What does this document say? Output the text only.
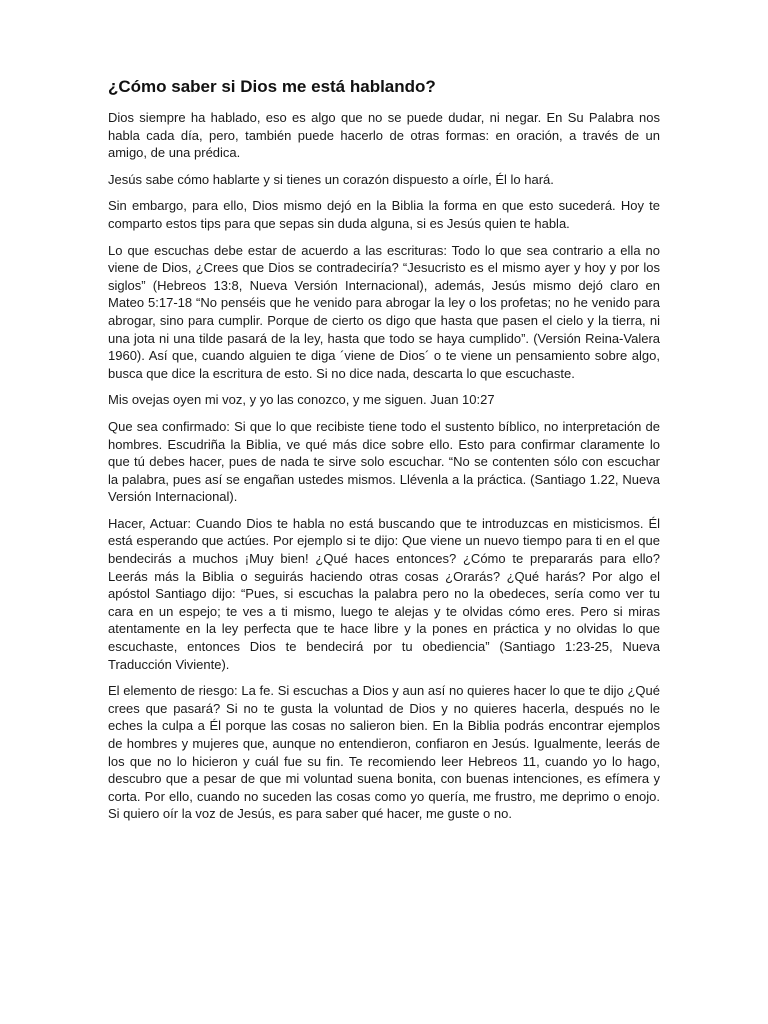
¿Cómo saber si Dios me está hablando?

Dios siempre ha hablado, eso es algo que no se puede dudar, ni negar. En Su Palabra nos habla cada día, pero, también puede hacerlo de otras formas: en oración, a través de un amigo, de una prédica.

Jesús sabe cómo hablarte y si tienes un corazón dispuesto a oírle, Él lo hará.

Sin embargo, para ello, Dios mismo dejó en la Biblia la forma en que esto sucederá. Hoy te comparto estos tips para que sepas sin duda alguna, si es Jesús quien te habla.

Lo que escuchas debe estar de acuerdo a las escrituras: Todo lo que sea contrario a ella no viene de Dios, ¿Crees que Dios se contradeciría? “Jesucristo es el mismo ayer y hoy y por los siglos” (Hebreos 13:8, Nueva Versión Internacional), además, Jesús mismo dejó claro en Mateo 5:17-18 “No penséis que he venido para abrogar la ley o los profetas; no he venido para abrogar, sino para cumplir. Porque de cierto os digo que hasta que pasen el cielo y la tierra, ni una jota ni una tilde pasará de la ley, hasta que todo se haya cumplido”. (Versión Reina-Valera 1960). Así que, cuando alguien te diga ´viene de Dios´ o te viene un pensamiento sobre algo, busca que dice la escritura de esto. Si no dice nada, descarta lo que escuchaste.

Mis ovejas oyen mi voz, y yo las conozco, y me siguen. Juan 10:27

Que sea confirmado: Si que lo que recibiste tiene todo el sustento bíblico, no interpretación de hombres. Escudriña la Biblia, ve qué más dice sobre ello. Esto para confirmar claramente lo que tú debes hacer, pues de nada te sirve solo escuchar. “No se contenten sólo con escuchar la palabra, pues así se engañan ustedes mismos. Llévenla a la práctica. (Santiago 1.22, Nueva Versión Internacional).

Hacer, Actuar: Cuando Dios te habla no está buscando que te introduzcas en misticismos. Él está esperando que actúes. Por ejemplo si te dijo: Que viene un nuevo tiempo para ti en el que bendecirás a muchos ¡Muy bien! ¿Qué haces entonces? ¿Cómo te prepararás para ello? Leerás más la Biblia o seguirás haciendo otras cosas ¿Orarás? ¿Qué harás? Por algo el apóstol Santiago dijo: “Pues, si escuchas la palabra pero no la obedeces, sería como ver tu cara en un espejo; te ves a ti mismo, luego te alejas y te olvidas cómo eres. Pero si miras atentamente en la ley perfecta que te hace libre y la pones en práctica y no olvidas lo que escuchaste, entonces Dios te bendecirá por tu obediencia” (Santiago 1:23-25, Nueva Traducción Viviente).

El elemento de riesgo: La fe. Si escuchas a Dios y aun así no quieres hacer lo que te dijo ¿Qué crees que pasará? Si no te gusta la voluntad de Dios y no quieres hacerla, después no le eches la culpa a Él porque las cosas no salieron bien. En la Biblia podrás encontrar ejemplos de hombres y mujeres que, aunque no entendieron, confiaron en Jesús. Igualmente, leerás de los que no lo hicieron y cuál fue su fin. Te recomiendo leer Hebreos 11, cuando yo lo hago, descubro que a pesar de que mi voluntad suena bonita, con buenas intenciones, es efímera y corta. Por ello, cuando no suceden las cosas como yo quería, me frustro, me deprimo o enojo. Si quiero oír la voz de Jesús, es para saber qué hacer, me guste o no.
